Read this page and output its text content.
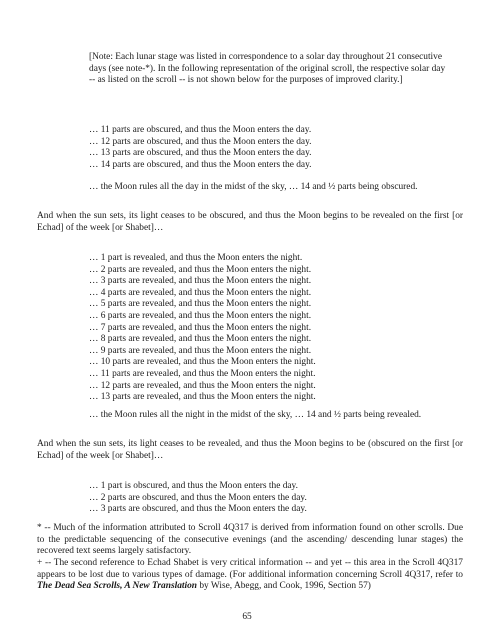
[Note: Each lunar stage was listed in correspondence to a solar day throughout 21 consecutive days (see note-*). In the following representation of the original scroll, the respective solar day -- as listed on the scroll -- is not shown below for the purposes of improved clarity.]

… 11 parts are obscured, and thus the Moon enters the day.
… 12 parts are obscured, and thus the Moon enters the day.
… 13 parts are obscured, and thus the Moon enters the day.
… 14 parts are obscured, and thus the Moon enters the day.

… the Moon rules all the day in the midst of the sky, … 14 and ½ parts being obscured.

And when the sun sets, its light ceases to be obscured, and thus the Moon begins to be revealed on the first [or Echad] of the week [or Shabet]…

… 1 part is revealed, and thus the Moon enters the night.
… 2 parts are revealed, and thus the Moon enters the night.
… 3 parts are revealed, and thus the Moon enters the night.
… 4 parts are revealed, and thus the Moon enters the night.
… 5 parts are revealed, and thus the Moon enters the night.
… 6 parts are revealed, and thus the Moon enters the night.
… 7 parts are revealed, and thus the Moon enters the night.
… 8 parts are revealed, and thus the Moon enters the night.
… 9 parts are revealed, and thus the Moon enters the night.
… 10 parts are revealed, and thus the Moon enters the night.
… 11 parts are revealed, and thus the Moon enters the night.
… 12 parts are revealed, and thus the Moon enters the night.
… 13 parts are revealed, and thus the Moon enters the night.

… the Moon rules all the night in the midst of the sky, … 14 and ½ parts being revealed.

And when the sun sets, its light ceases to be revealed, and thus the Moon begins to be (obscured on the first [or Echad] of the week [or Shabet]…

… 1 part is obscured, and thus the Moon enters the day.
… 2 parts are obscured, and thus the Moon enters the day.
… 3 parts are obscured, and thus the Moon enters the day.

* -- Much of the information attributed to Scroll 4Q317 is derived from information found on other scrolls. Due to the predictable sequencing of the consecutive evenings (and the ascending/ descending lunar stages) the recovered text seems largely satisfactory.

+ -- The second reference to Echad Shabet is very critical information -- and yet -- this area in the Scroll 4Q317 appears to be lost due to various types of damage. (For additional information concerning Scroll 4Q317, refer to The Dead Sea Scrolls, A New Translation by Wise, Abegg, and Cook, 1996, Section 57)

65
